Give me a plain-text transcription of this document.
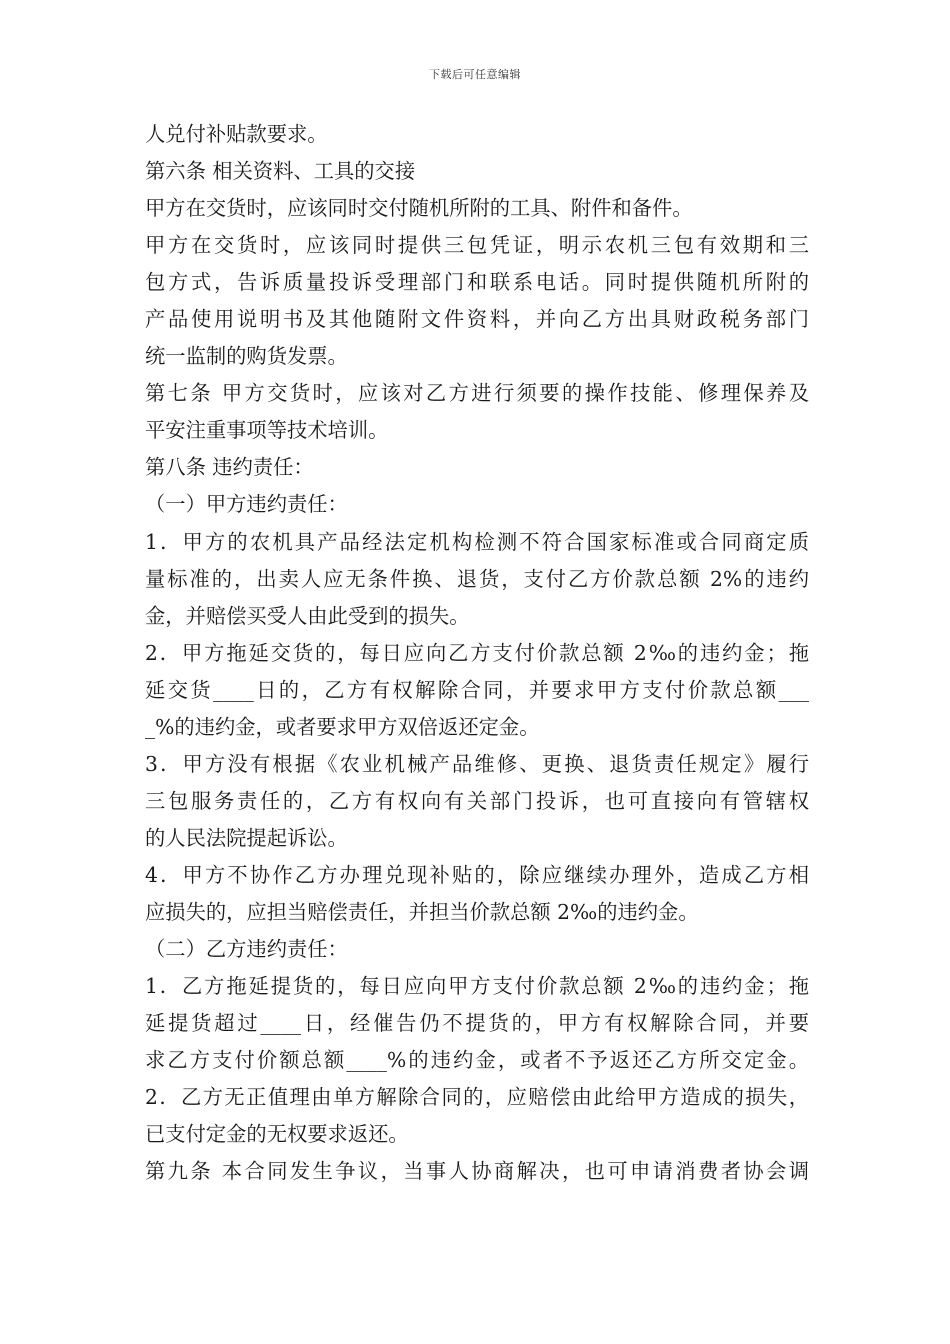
下载后可任意编辑
人兑付补贴款要求。
第六条 相关资料、工具的交接
甲方在交货时，应该同时交付随机所附的工具、附件和备件。
甲方在交货时，应该同时提供三包凭证，明示农机三包有效期和三
包方式，告诉质量投诉受理部门和联系电话。同时提供随机所附的
产品使用说明书及其他随附文件资料，并向乙方出具财政税务部门
统一监制的购货发票。
第七条 甲方交货时，应该对乙方进行须要的操作技能、修理保养及
平安注重事项等技术培训。
第八条 违约责任：
（一）甲方违约责任：
1．甲方的农机具产品经法定机构检测不符合国家标准或合同商定质
量标准的，出卖人应无条件换、退货，支付乙方价款总额 2%的违约
金，并赔偿买受人由此受到的损失。
2．甲方拖延交货的，每日应向乙方支付价款总额 2‰的违约金；拖
延交货____日的，乙方有权解除合同，并要求甲方支付价款总额___
_%的违约金，或者要求甲方双倍返还定金。
3．甲方没有根据《农业机械产品维修、更换、退货责任规定》履行
三包服务责任的，乙方有权向有关部门投诉，也可直接向有管辖权
的人民法院提起诉讼。
4．甲方不协作乙方办理兑现补贴的，除应继续办理外，造成乙方相
应损失的，应担当赔偿责任，并担当价款总额 2‰的违约金。
（二）乙方违约责任：
1．乙方拖延提货的，每日应向甲方支付价款总额 2‰的违约金；拖
延提货超过____日，经催告仍不提货的，甲方有权解除合同，并要
求乙方支付价额总额____%的违约金，或者不予返还乙方所交定金。
2．乙方无正值理由单方解除合同的，应赔偿由此给甲方造成的损失，
已支付定金的无权要求返还。
第九条 本合同发生争议，当事人协商解决，也可申请消费者协会调
